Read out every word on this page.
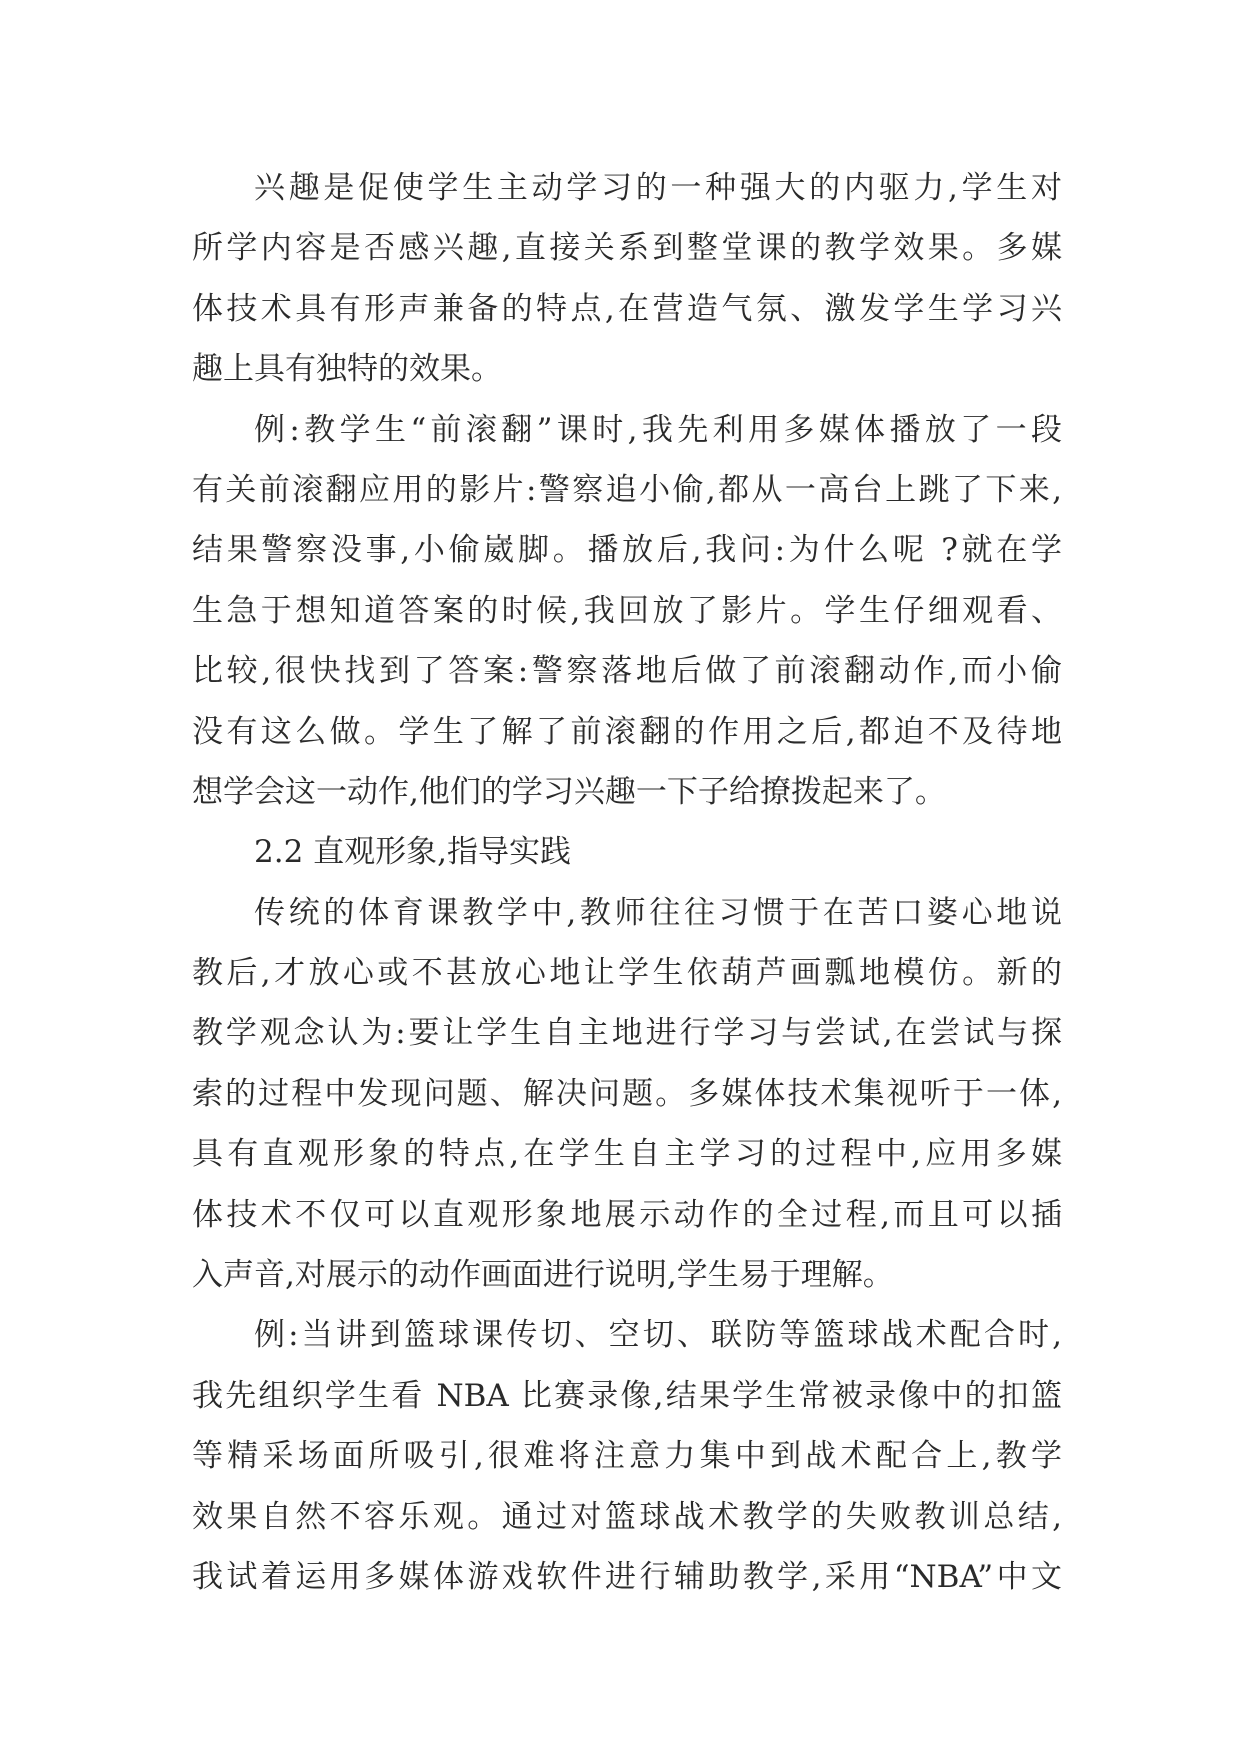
兴趣是促使学生主动学习的一种强大的内驱力,学生对
所学内容是否感兴趣,直接关系到整堂课的教学效果。多媒
体技术具有形声兼备的特点,在营造气氛、激发学生学习兴
趣上具有独特的效果。
例:教学生“前滚翻”课时,我先利用多媒体播放了一段
有关前滚翻应用的影片:警察追小偷,都从一高台上跳了下来,
结果警察没事,小偷崴脚。播放后,我问:为什么呢 ?就在学
生急于想知道答案的时候,我回放了影片。学生仔细观看、
比较,很快找到了答案:警察落地后做了前滚翻动作,而小偷
没有这么做。学生了解了前滚翻的作用之后,都迫不及待地
想学会这一动作,他们的学习兴趣一下子给撩拨起来了。
2.2 直观形象,指导实践
传统的体育课教学中,教师往往习惯于在苦口婆心地说
教后,才放心或不甚放心地让学生依葫芦画瓢地模仿。新的
教学观念认为:要让学生自主地进行学习与尝试,在尝试与探
索的过程中发现问题、解决问题。多媒体技术集视听于一体,
具有直观形象的特点,在学生自主学习的过程中,应用多媒
体技术不仅可以直观形象地展示动作的全过程,而且可以插
入声音,对展示的动作画面进行说明,学生易于理解。
例:当讲到篮球课传切、空切、联防等篮球战术配合时,
我先组织学生看 NBA 比赛录像,结果学生常被录像中的扣篮
等精采场面所吸引,很难将注意力集中到战术配合上,教学
效果自然不容乐观。通过对篮球战术教学的失败教训总结,
我试着运用多媒体游戏软件进行辅助教学,采用“NBA”中文
